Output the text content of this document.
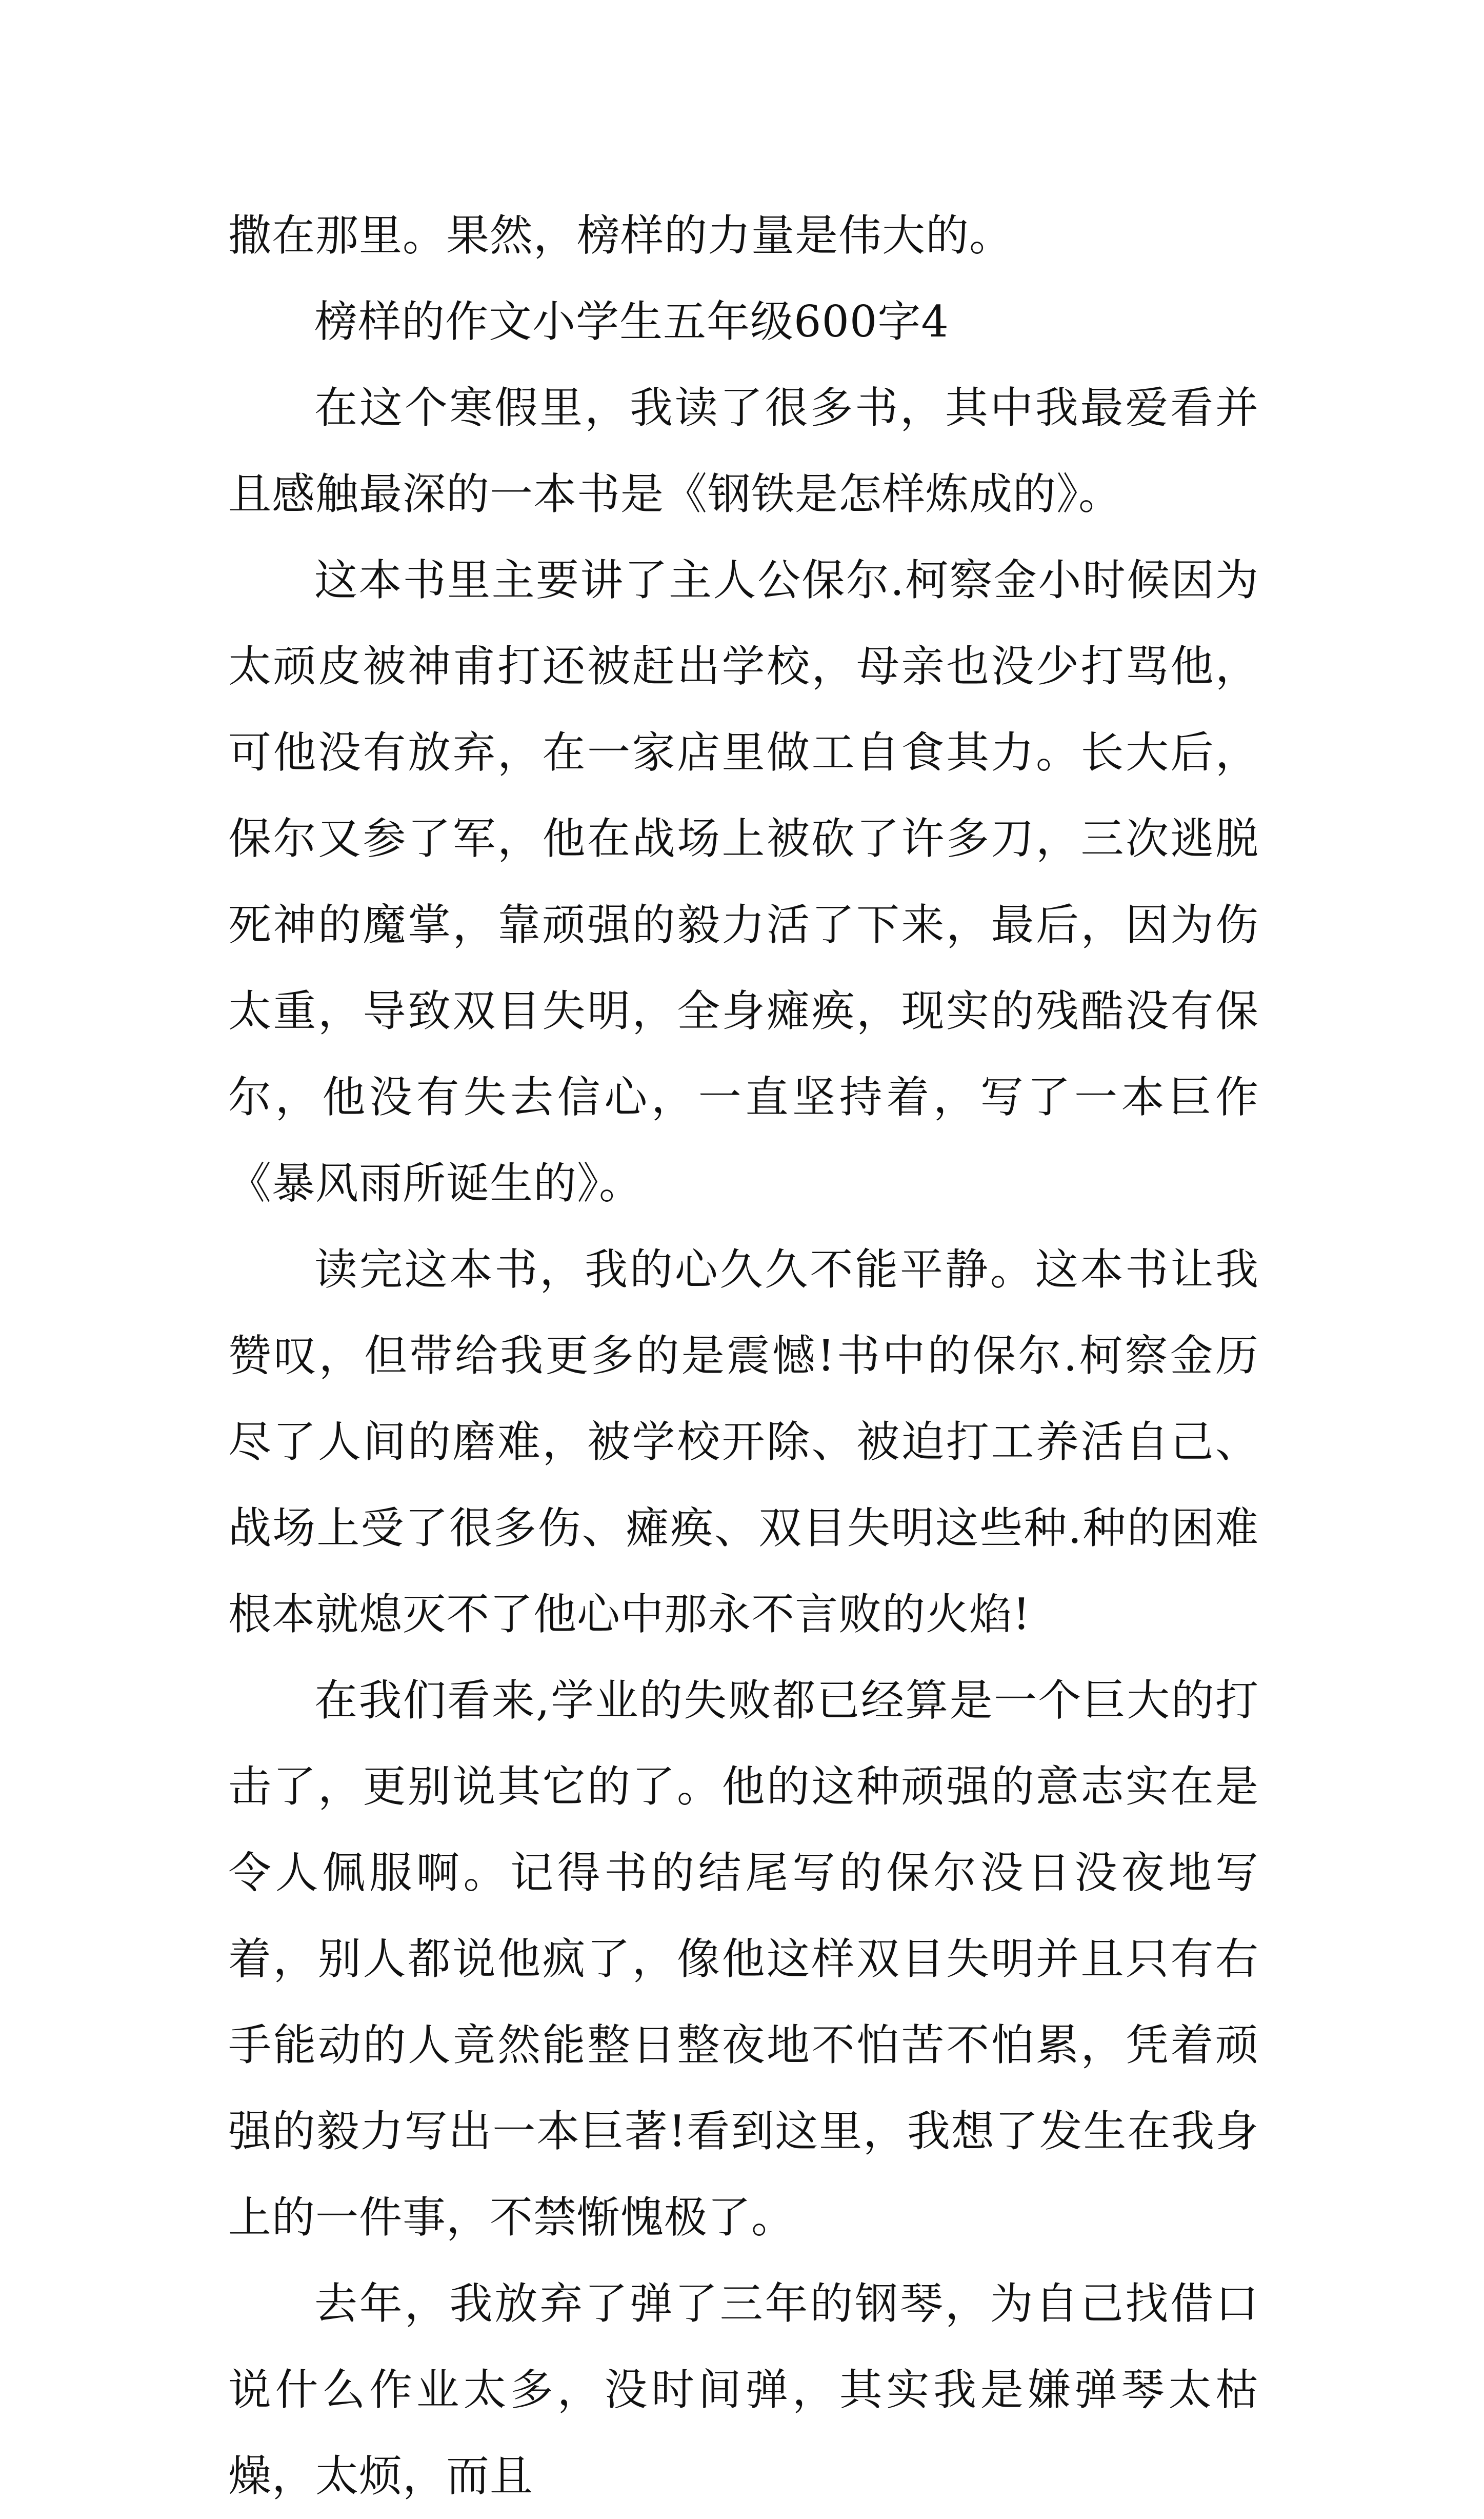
撒在那里。果然，榜样的力量是伟大的。

榜样的作文小学生五年级600字4

在这个寒假里，我读了很多书，其中我最爱看并且感触最深的一本书是《钢铁是怎样炼成的》。

这本书里主要讲了主人公保尔.柯察金小时候因为太顽皮被神甫打还被赶出学校，母亲也没少打骂他，可他没有放弃，在一家店里做工自食其力。长大后，保尔又参了军，他在战场上被砍了许多刀，三次逃脱死神的魔掌，靠顽强的毅力活了下来，最后，因为伤太重，导致双目失明，全身瘫痪，现实的残酷没有保尔，他没有失去信心，一直坚持着，写了一本巨作《暴风雨所诞生的》。

读完这本书，我的心久久不能平静。这本书让我赞叹，但带给我更多的是震憾!书中的保尔.柯察金历尽了人间的磨难，被学校开除、被迫打工养活自己、战场上受了很多伤、瘫痪、双目失明这些种.种的困难根本就熄灭不了他心中那永不言败的火焰!

在我们看来,学业的失败都已经算是一个巨大的打击了，更别说其它的了。他的这种顽强的意志实在是令人佩服啊。记得书的结尾写的保尔没日没夜地写着，别人都说他疯了，像他这样双目失明并且只有右手能动的人竟然能整日整夜地不怕苦不怕累，凭着顽强的毅力写出一本巨著!看到这里，我想了发生在我身上的一件事，不禁惭愧极了。

去年，我放弃了弹了三年的钢琴，为自己找借口说什么作业太多，没时间弹，其实我是嫌弹琴太枯燥，太烦，而且
